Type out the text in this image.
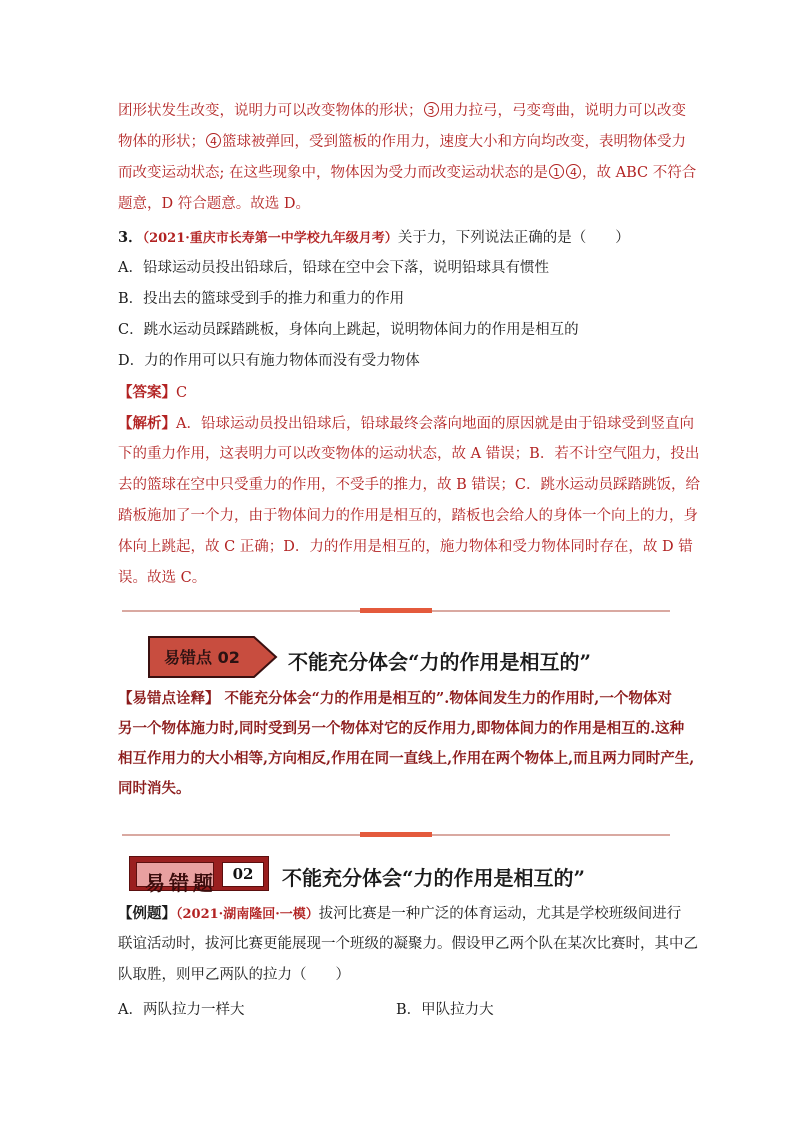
团形状发生改变，说明力可以改变物体的形状； 3 用力拉弓，弓变弯曲，说明力可以改变
物体的形状； 4 篮球被弹回，受到篮板的作用力，速度大小和方向均改变，表明物体受力
而改变运动状态; 在这些现象中，物体因为受力而改变运动状态的是 1 4 ，故 ABC 不符合
题意，D 符合题意。故选 D。
3．（2021·重庆市长寿第一中学校九年级月考）关于力，下列说法正确的是（　　）
A．铅球运动员投出铅球后，铅球在空中会下落，说明铅球具有惯性
B．投出去的篮球受到手的推力和重力的作用
C．跳水运动员踩踏跳板，身体向上跳起，说明物体间力的作用是相互的
D．力的作用可以只有施力物体而没有受力物体
【答案】C
【解析】A．铅球运动员投出铅球后，铅球最终会落向地面的原因就是由于铅球受到竖直向
下的重力作用，这表明力可以改变物体的运动状态，故 A 错误；B．若不计空气阻力，投出
去的篮球在空中只受重力的作用，不受手的推力，故 B 错误；C．跳水运动员踩踏跳饭，给
踏板施加了一个力，由于物体间力的作用是相互的，踏板也会给人的身体一个向上的力，身
体向上跳起，故 C 正确；D．力的作用是相互的，施力物体和受力物体同时存在，故 D 错
误。故选 C。
易错点 02 不能充分体会“力的作用是相互的”
【易错点诠释】 不能充分体会“力的作用是相互的”.物体间发生力的作用时,一个物体对
另一个物体施力时,同时受到另一个物体对它的反作用力,即物体间力的作用是相互的.这种
相互作用力的大小相等,方向相反,作用在同一直线上,作用在两个物体上,而且两力同时产生,
同时消失。
易错题	02	不能充分体会“力的作用是相互的”
【例题】（2021·湖南隆回·一模）拔河比赛是一种广泛的体育运动，尤其是学校班级间进行
联谊活动时，拔河比赛更能展现一个班级的凝聚力。假设甲乙两个队在某次比赛时，其中乙
队取胜，则甲乙两队的拉力（　　）
A．两队拉力一样大	B．甲队拉力大
